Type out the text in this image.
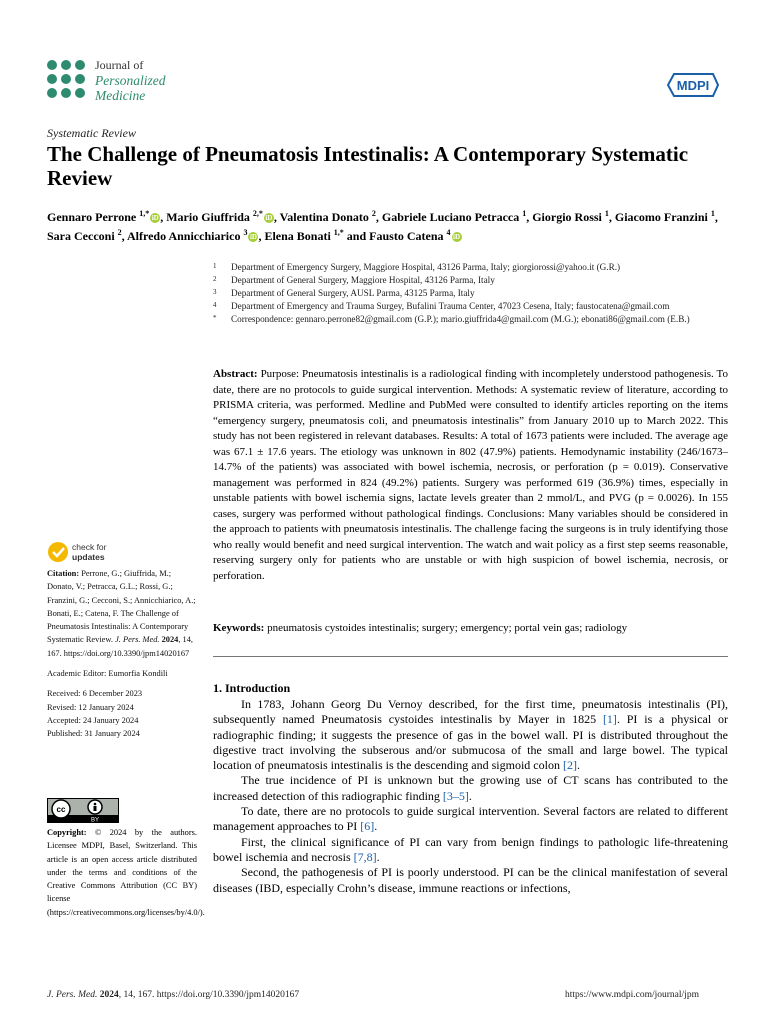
Journal of
Personalized
Medicine
MDPI
Systematic Review
The Challenge of Pneumatosis Intestinalis: A Contemporary Systematic Review
Gennaro Perrone $^{1,*}$ iD , Mario Giuffrida $^{2,*}$ iD , Valentina Donato $^2$, Gabriele Luciano Petracca $^1$, Giorgio Rossi $^1$, Giacomo Franzini $^1$, Sara Cecconi $^2$, Alfredo Annicchiarico $^3$ iD , Elena Bonati $^{1,*}$ and Fausto Catena $^4$ iD
1	Department of Emergency Surgery, Maggiore Hospital, 43126 Parma, Italy; giorgiorossi@yahoo.it (G.R.)
2	Department of General Surgery, Maggiore Hospital, 43126 Parma, Italy
3	Department of General Surgery, AUSL Parma, 43125 Parma, Italy
4	Department of Emergency and Trauma Surgey, Bufalini Trauma Center, 47023 Cesena, Italy; faustocatena@gmail.com
*	Correspondence: gennaro.perrone82@gmail.com (G.P.); mario.giuffrida4@gmail.com (M.G.); ebonati86@gmail.com (E.B.)
Abstract: Purpose: Pneumatosis intestinalis is a radiological finding with incompletely understood pathogenesis. To date, there are no protocols to guide surgical intervention. Methods: A systematic review of literature, according to PRISMA criteria, was performed. Medline and PubMed were consulted to identify articles reporting on the items “emergency surgery, pneumatosis coli, and pneumatosis intestinalis” from January 2010 up to March 2022. This study has not been registered in relevant databases. Results: A total of 1673 patients were included. The average age was 67.1 ± 17.6 years. The etiology was unknown in 802 (47.9%) patients. Hemodynamic instability (246/1673–14.7% of the patients) was associated with bowel ischemia, necrosis, or perforation (p = 0.019). Conservative management was performed in 824 (49.2%) patients. Surgery was performed 619 (36.9%) times, especially in unstable patients with bowel ischemia signs, lactate levels greater than 2 mmol/L, and PVG (p = 0.0026). In 155 cases, surgery was performed without pathological findings. Conclusions: Many variables should be considered in the approach to patients with pneumatosis intestinalis. The challenge facing the surgeons is in truly identifying those who really would benefit and need surgical intervention. The watch and wait policy as a first step seems reasonable, reserving surgery only for patients who are unstable or with high suspicion of bowel ischemia, necrosis, or perforation.
Keywords: pneumatosis cystoides intestinalis; surgery; emergency; portal vein gas; radiology
1. Introduction

In 1783, Johann Georg Du Vernoy described, for the first time, pneumatosis intestinalis (PI), subsequently named Pneumatosis cystoides intestinalis by Mayer in 1825 [1]. PI is a physical or radiographic finding; it suggests the presence of gas in the bowel wall. PI is distributed throughout the digestive tract involving the subserous and/or submucosa of the small and large bowel. The typical location of pneumatosis intestinalis is the descending and sigmoid colon [2].

The true incidence of PI is unknown but the growing use of CT scans has contributed to the increased detection of this radiographic finding [3–5].

To date, there are no protocols to guide surgical intervention. Several factors are related to different management approaches to PI [6].

First, the clinical significance of PI can vary from benign findings to pathologic life-threatening bowel ischemia and necrosis [7,8].

Second, the pathogenesis of PI is poorly understood. PI can be the clinical manifestation of several diseases (IBD, especially Crohn’s disease, immune reactions or infections,

check for
updates
Citation: Perrone, G.; Giuffrida, M.; Donato, V.; Petracca, G.L.; Rossi, G.; Franzini, G.; Cecconi, S.; Annicchiarico, A.; Bonati, E.; Catena, F. The Challenge of Pneumatosis Intestinalis: A Contemporary Systematic Review. J. Pers. Med. 2024, 14, 167. https://doi.org/10.3390/jpm14020167
Academic Editor: Eumorfia Kondili
Received: 6 December 2023
Revised: 12 January 2024
Accepted: 24 January 2024
Published: 31 January 2024
cc
BY
Copyright: © 2024 by the authors. Licensee MDPI, Basel, Switzerland. This article is an open access article distributed under the terms and conditions of the Creative Commons Attribution (CC BY) license (https://creativecommons.org/licenses/by/4.0/).
J. Pers. Med. 2024, 14, 167. https://doi.org/10.3390/jpm14020167	https://www.mdpi.com/journal/jpm
